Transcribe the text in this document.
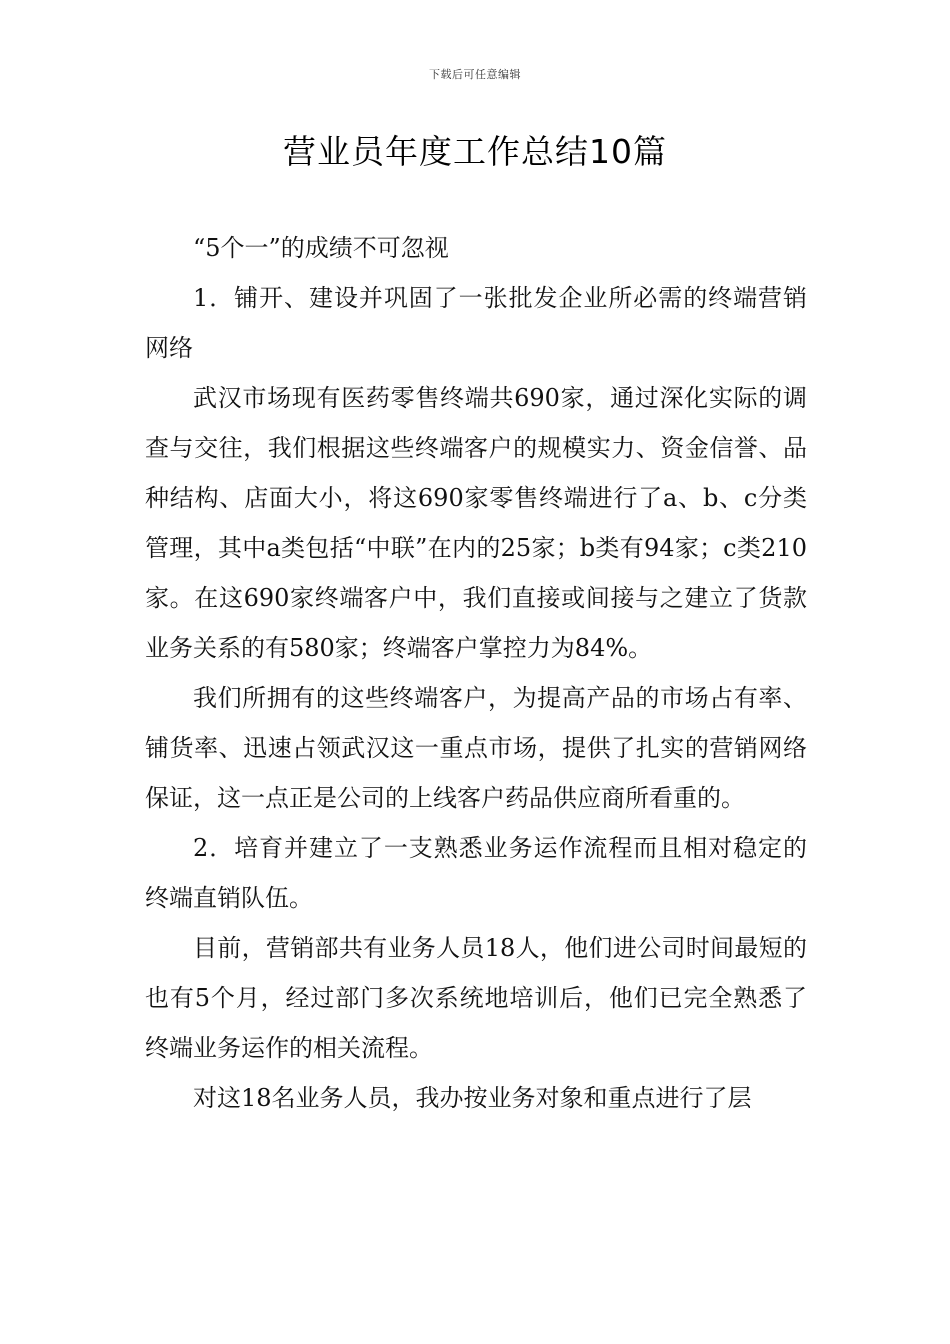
下载后可任意编辑
营业员年度工作总结10篇

“5个一”的成绩不可忽视

1．铺开、建设并巩固了一张批发企业所必需的终端营销网络

武汉市场现有医药零售终端共690家，通过深化实际的调查与交往，我们根据这些终端客户的规模实力、资金信誉、品种结构、店面大小，将这690家零售终端进行了a、b、c分类管理，其中a类包括“中联”在内的25家；b类有94家；c类210家。在这690家终端客户中，我们直接或间接与之建立了货款业务关系的有580家；终端客户掌控力为84%。

我们所拥有的这些终端客户，为提高产品的市场占有率、铺货率、迅速占领武汉这一重点市场，提供了扎实的营销网络保证，这一点正是公司的上线客户药品供应商所看重的。

2．培育并建立了一支熟悉业务运作流程而且相对稳定的终端直销队伍。

目前，营销部共有业务人员18人，他们进公司时间最短的也有5个月，经过部门多次系统地培训后，他们已完全熟悉了终端业务运作的相关流程。

对这18名业务人员，我办按业务对象和重点进行了层
